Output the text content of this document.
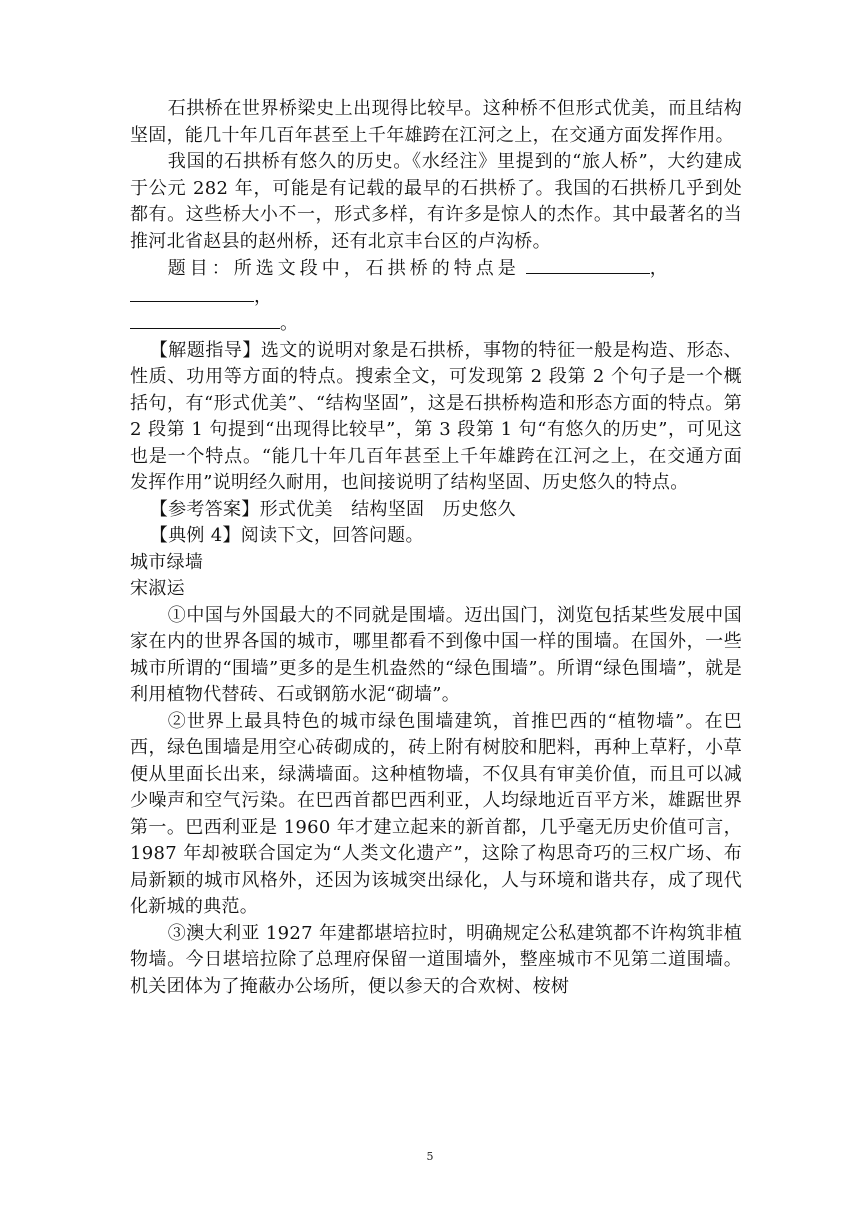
石拱桥在世界桥梁史上出现得比较早。这种桥不但形式优美，而且结构坚固，能几十年几百年甚至上千年雄跨在江河之上，在交通方面发挥作用。

我国的石拱桥有悠久的历史。《水经注》里提到的“旅人桥”，大约建成于公元 282 年，可能是有记载的最早的石拱桥了。我国的石拱桥几乎到处都有。这些桥大小不一，形式多样，有许多是惊人的杰作。其中最著名的当推河北省赵县的赵州桥，还有北京丰台区的卢沟桥。

题目：所选文段中，石拱桥的特点是	，

，

。

【解题指导】选文的说明对象是石拱桥，事物的特征一般是构造、形态、性质、功用等方面的特点。搜索全文，可发现第 2 段第 2 个句子是一个概括句，有“形式优美”、“结构坚固”，这是石拱桥构造和形态方面的特点。第 2 段第 1 句提到“出现得比较早”，第 3 段第 1 句“有悠久的历史”，可见这也是一个特点。“能几十年几百年甚至上千年雄跨在江河之上，在交通方面发挥作用”说明经久耐用，也间接说明了结构坚固、历史悠久的特点。

【参考答案】形式优美　结构坚固　历史悠久

【典例 4】阅读下文，回答问题。

城市绿墙

宋淑运

①中国与外国最大的不同就是围墙。迈出国门，浏览包括某些发展中国家在内的世界各国的城市，哪里都看不到像中国一样的围墙。在国外，一些城市所谓的“围墙”更多的是生机盎然的“绿色围墙”。所谓“绿色围墙”，就是利用植物代替砖、石或钢筋水泥“砌墙”。

②世界上最具特色的城市绿色围墙建筑，首推巴西的“植物墙”。在巴西，绿色围墙是用空心砖砌成的，砖上附有树胶和肥料，再种上草籽，小草便从里面长出来，绿满墙面。这种植物墙，不仅具有审美价值，而且可以减少噪声和空气污染。在巴西首都巴西利亚，人均绿地近百平方米，雄踞世界第一。巴西利亚是 1960 年才建立起来的新首都，几乎毫无历史价值可言，1987 年却被联合国定为“人类文化遗产”，这除了构思奇巧的三权广场、布局新颖的城市风格外，还因为该城突出绿化，人与环境和谐共存，成了现代化新城的典范。

③澳大利亚 1927 年建都堪培拉时，明确规定公私建筑都不许构筑非植物墙。今日堪培拉除了总理府保留一道围墙外，整座城市不见第二道围墙。机关团体为了掩蔽办公场所，便以参天的合欢树、桉树

5
